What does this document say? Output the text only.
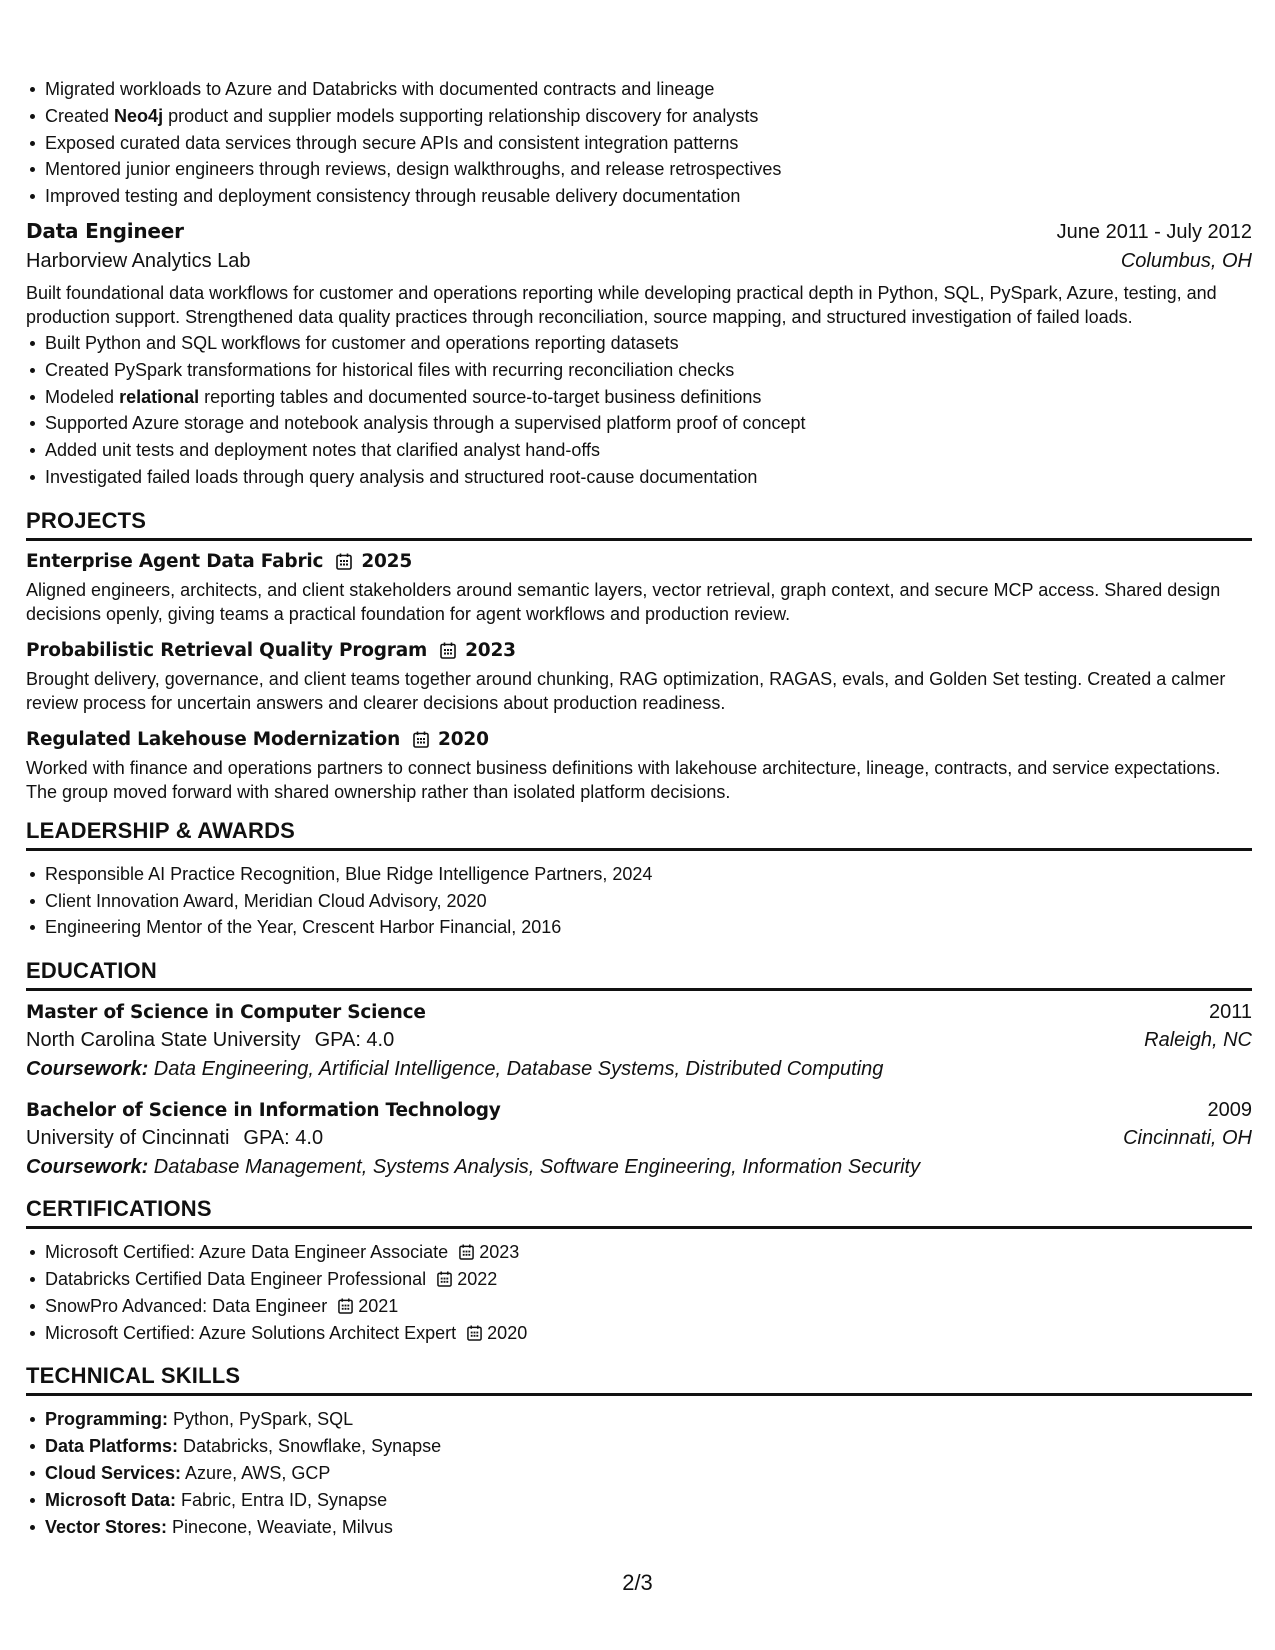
Migrated workloads to Azure and Databricks with documented contracts and lineage
Created Neo4j product and supplier models supporting relationship discovery for analysts
Exposed curated data services through secure APIs and consistent integration patterns
Mentored junior engineers through reviews, design walkthroughs, and release retrospectives
Improved testing and deployment consistency through reusable delivery documentation
Data Engineer	June 2011 - July 2012
Harborview Analytics Lab	Columbus, OH
Built foundational data workflows for customer and operations reporting while developing practical depth in Python, SQL, PySpark, Azure, testing, and production support. Strengthened data quality practices through reconciliation, source mapping, and structured investigation of failed loads.
Built Python and SQL workflows for customer and operations reporting datasets
Created PySpark transformations for historical files with recurring reconciliation checks
Modeled relational reporting tables and documented source-to-target business definitions
Supported Azure storage and notebook analysis through a supervised platform proof of concept
Added unit tests and deployment notes that clarified analyst hand-offs
Investigated failed loads through query analysis and structured root-cause documentation
PROJECTS
Enterprise Agent Data Fabric 2025
Aligned engineers, architects, and client stakeholders around semantic layers, vector retrieval, graph context, and secure MCP access. Shared design decisions openly, giving teams a practical foundation for agent workflows and production review.
Probabilistic Retrieval Quality Program 2023
Brought delivery, governance, and client teams together around chunking, RAG optimization, RAGAS, evals, and Golden Set testing. Created a calmer review process for uncertain answers and clearer decisions about production readiness.
Regulated Lakehouse Modernization 2020
Worked with finance and operations partners to connect business definitions with lakehouse architecture, lineage, contracts, and service expectations. The group moved forward with shared ownership rather than isolated platform decisions.
LEADERSHIP & AWARDS
Responsible AI Practice Recognition, Blue Ridge Intelligence Partners, 2024
Client Innovation Award, Meridian Cloud Advisory, 2020
Engineering Mentor of the Year, Crescent Harbor Financial, 2016
EDUCATION
Master of Science in Computer Science	2011
North Carolina State University GPA: 4.0	Raleigh, NC
Coursework: Data Engineering, Artificial Intelligence, Database Systems, Distributed Computing
Bachelor of Science in Information Technology	2009
University of Cincinnati GPA: 4.0	Cincinnati, OH
Coursework: Database Management, Systems Analysis, Software Engineering, Information Security
CERTIFICATIONS
Microsoft Certified: Azure Data Engineer Associate 2023
Databricks Certified Data Engineer Professional 2022
SnowPro Advanced: Data Engineer 2021
Microsoft Certified: Azure Solutions Architect Expert 2020
TECHNICAL SKILLS
Programming: Python, PySpark, SQL
Data Platforms: Databricks, Snowflake, Synapse
Cloud Services: Azure, AWS, GCP
Microsoft Data: Fabric, Entra ID, Synapse
Vector Stores: Pinecone, Weaviate, Milvus
2/3
